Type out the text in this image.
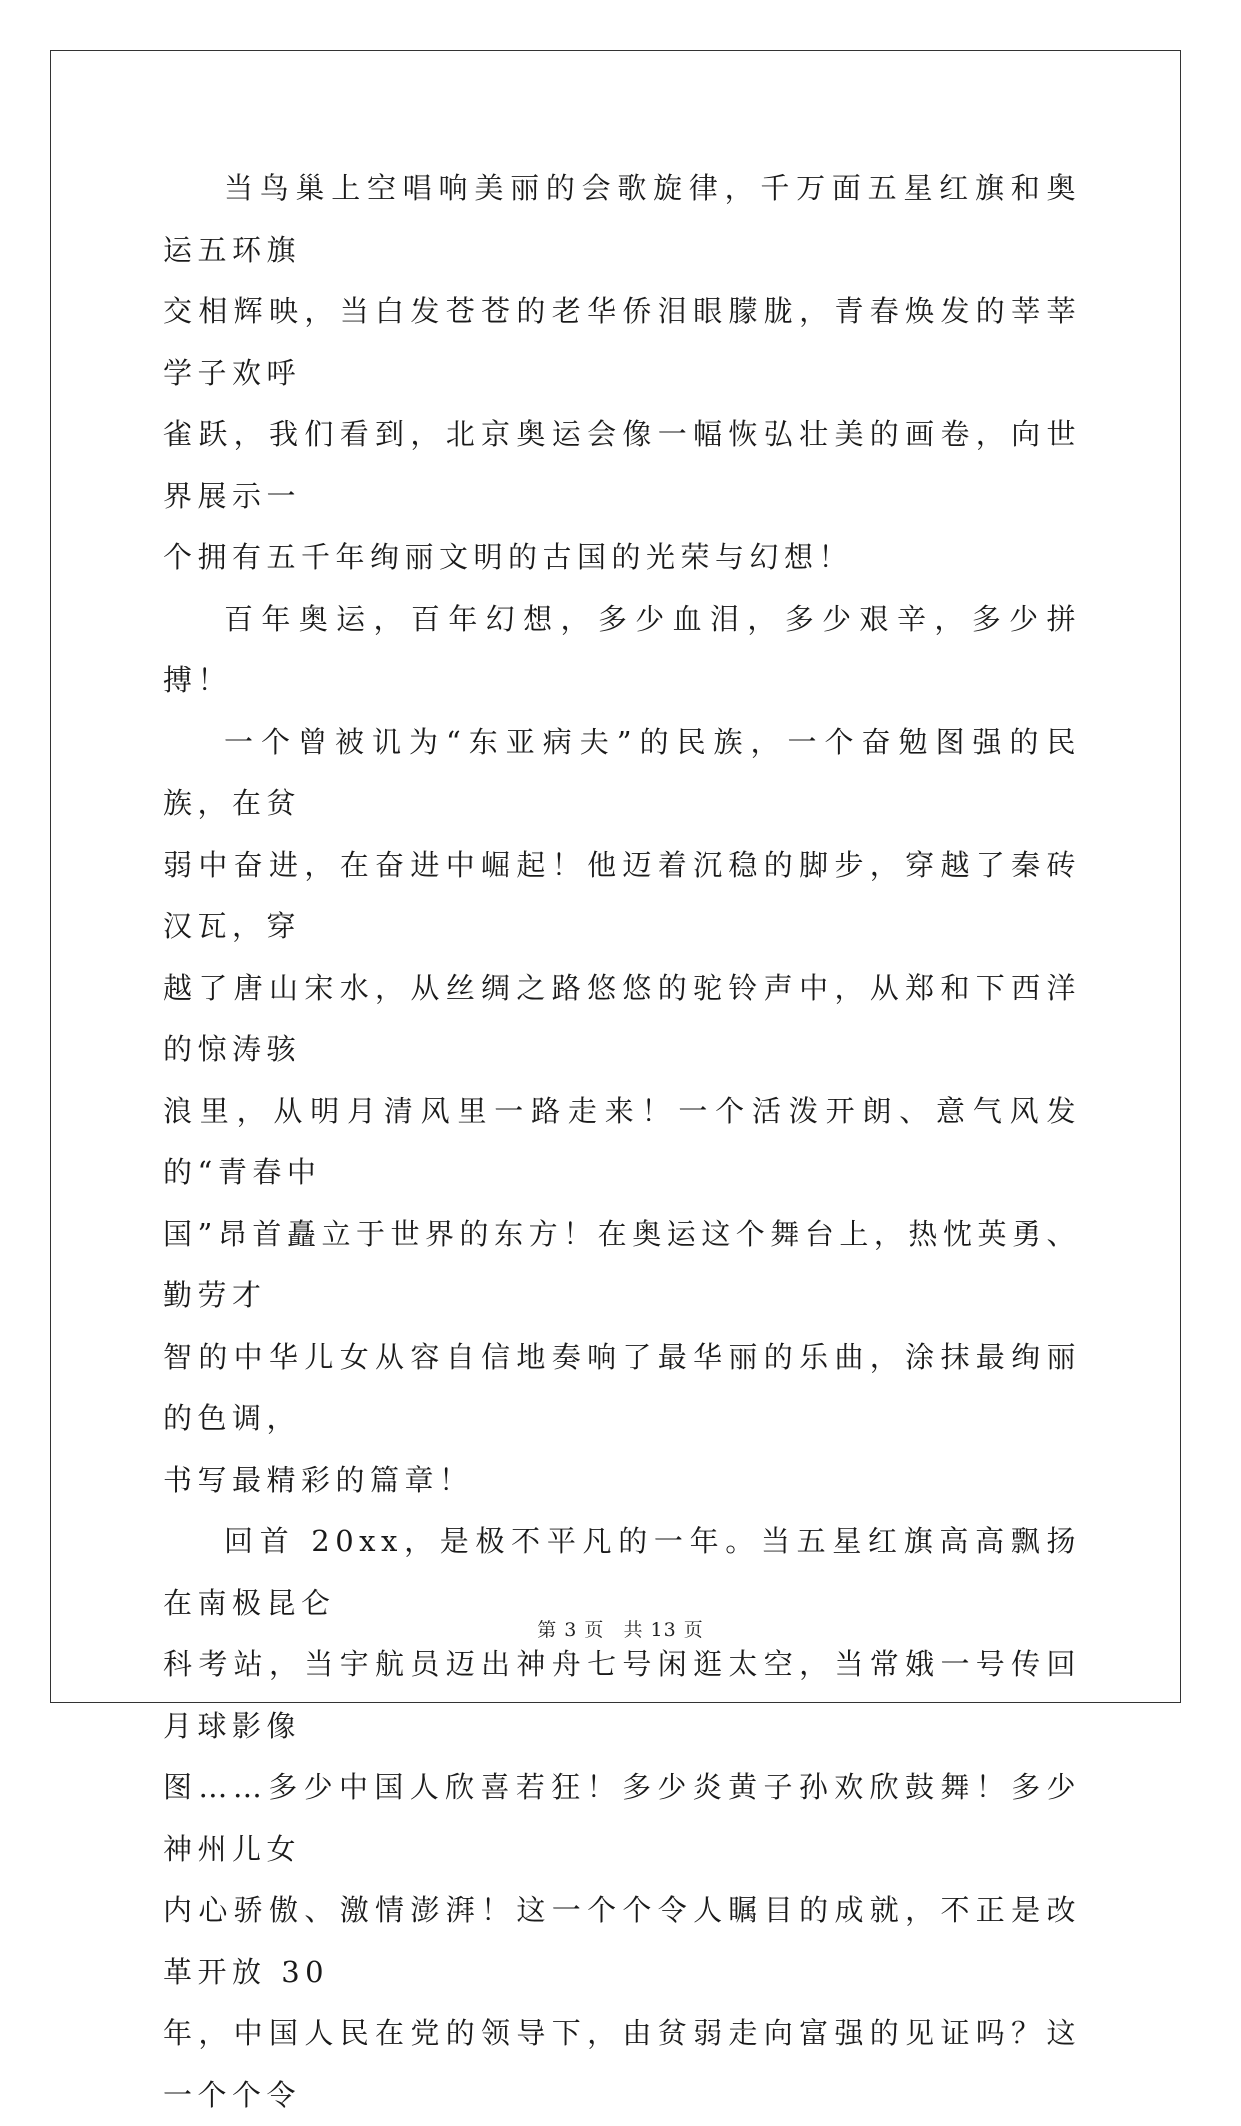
当鸟巢上空唱响美丽的会歌旋律，千万面五星红旗和奥运五环旗
交相辉映，当白发苍苍的老华侨泪眼朦胧，青春焕发的莘莘学子欢呼
雀跃，我们看到，北京奥运会像一幅恢弘壮美的画卷，向世界展示一
个拥有五千年绚丽文明的古国的光荣与幻想！

百年奥运，百年幻想，多少血泪，多少艰辛，多少拼搏！

一个曾被讥为“东亚病夫”的民族，一个奋勉图强的民族，在贫
弱中奋进，在奋进中崛起！他迈着沉稳的脚步，穿越了秦砖汉瓦，穿
越了唐山宋水，从丝绸之路悠悠的驼铃声中，从郑和下西洋的惊涛骇
浪里，从明月清风里一路走来！一个活泼开朗、意气风发的“青春中
国”昂首矗立于世界的东方！在奥运这个舞台上，热忱英勇、勤劳才
智的中华儿女从容自信地奏响了最华丽的乐曲，涂抹最绚丽的色调，
书写最精彩的篇章！

回首 20xx，是极不平凡的一年。当五星红旗高高飘扬在南极昆仑
科考站，当宇航员迈出神舟七号闲逛太空，当常娥一号传回月球影像
图……多少中国人欣喜若狂！多少炎黄子孙欢欣鼓舞！多少神州儿女
内心骄傲、激情澎湃！这一个个令人瞩目的成就，不正是改革开放 30
年，中国人民在党的领导下，由贫弱走向富强的见证吗？这一个个令

第 3 页 共 13 页
